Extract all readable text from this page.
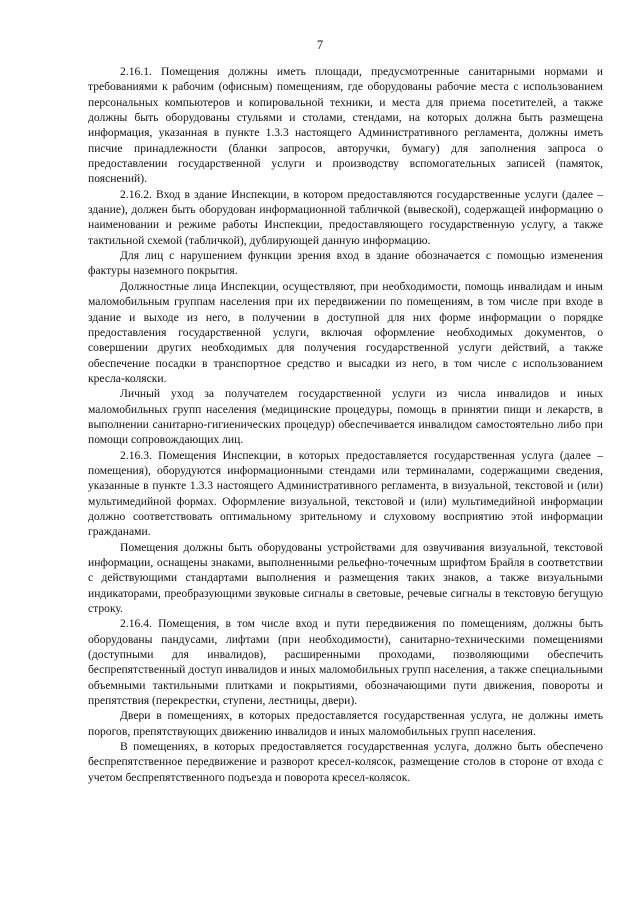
7

2.16.1. Помещения должны иметь площади, предусмотренные санитарными нормами и требованиями к рабочим (офисным) помещениям, где оборудованы рабочие места с использованием персональных компьютеров и копировальной техники, и места для приема посетителей, а также должны быть оборудованы стульями и столами, стендами, на которых должна быть размещена информация, указанная в пункте 1.3.3 настоящего Административного регламента, должны иметь писчие принадлежности (бланки запросов, авторучки, бумагу) для заполнения запроса о предоставлении государственной услуги и производству вспомогательных записей (памяток, пояснений).

2.16.2. Вход в здание Инспекции, в котором предоставляются государственные услуги (далее – здание), должен быть оборудован информационной табличкой (вывеской), содержащей информацию о наименовании и режиме работы Инспекции, предоставляющего государственную услугу, а также тактильной схемой (табличкой), дублирующей данную информацию.

Для лиц с нарушением функции зрения вход в здание обозначается с помощью изменения фактуры наземного покрытия.

Должностные лица Инспекции, осуществляют, при необходимости, помощь инвалидам и иным маломобильным группам населения при их передвижении по помещениям, в том числе при входе в здание и выходе из него, в получении в доступной для них форме информации о порядке предоставления государственной услуги, включая оформление необходимых документов, о совершении других необходимых для получения государственной услуги действий, а также обеспечение посадки в транспортное средство и высадки из него, в том числе с использованием кресла-коляски.

Личный уход за получателем государственной услуги из числа инвалидов и иных маломобильных групп населения (медицинские процедуры, помощь в принятии пищи и лекарств, в выполнении санитарно-гигиенических процедур) обеспечивается инвалидом самостоятельно либо при помощи сопровождающих лиц.

2.16.3. Помещения Инспекции, в которых предоставляется государственная услуга (далее – помещения), оборудуются информационными стендами или терминалами, содержащими сведения, указанные в пункте 1.3.3 настоящего Административного регламента, в визуальной, текстовой и (или) мультимедийной формах. Оформление визуальной, текстовой и (или) мультимедийной информации должно соответствовать оптимальному зрительному и слуховому восприятию этой информации гражданами.

Помещения должны быть оборудованы устройствами для озвучивания визуальной, текстовой информации, оснащены знаками, выполненными рельефно-точечным шрифтом Брайля в соответствии с действующими стандартами выполнения и размещения таких знаков, а также визуальными индикаторами, преобразующими звуковые сигналы в световые, речевые сигналы в текстовую бегущую строку.

2.16.4. Помещения, в том числе вход и пути передвижения по помещениям, должны быть оборудованы пандусами, лифтами (при необходимости), санитарно-техническими помещениями (доступными для инвалидов), расширенными проходами, позволяющими обеспечить беспрепятственный доступ инвалидов и иных маломобильных групп населения, а также специальными объемными тактильными плитками и покрытиями, обозначающими пути движения, повороты и препятствия (перекрестки, ступени, лестницы, двери).

Двери в помещениях, в которых предоставляется государственная услуга, не должны иметь порогов, препятствующих движению инвалидов и иных маломобильных групп населения.

В помещениях, в которых предоставляется государственная услуга, должно быть обеспечено беспрепятственное передвижение и разворот кресел-колясок, размещение столов в стороне от входа с учетом беспрепятственного подъезда и поворота кресел-колясок.
